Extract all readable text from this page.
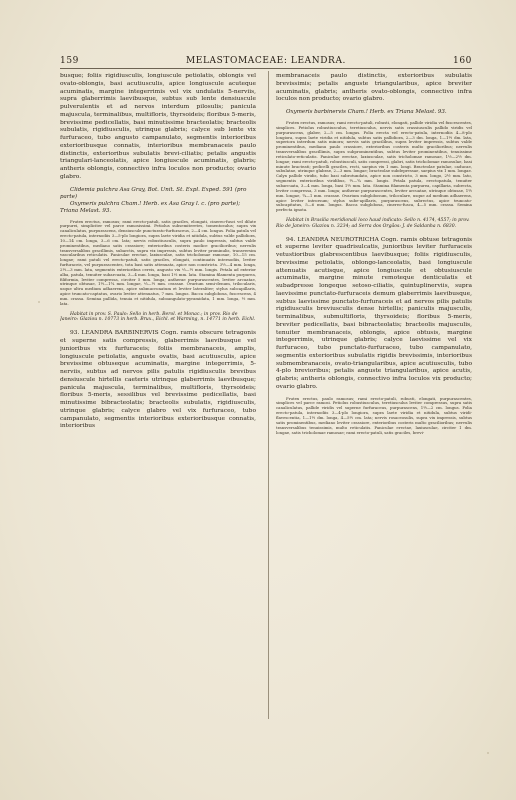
159	MELASTOMACEAE: LEANDRA.	160

busque; foliis rigidiusculis, longiuscule petiolatis, oblongis vel ovato-oblongis, basi acutiusculis, apice longiuscule acuteque acuminatis, margine integerrimis vel vix undulatis 5-nerviis, supra glaberrimis laevibusque, subtus sub lente densiuscule pulverulentis et ad nervos interdum pilosulis; panicula majuscula, terminalibus, multifloris, thyrsoideis; floribus 5-meris, brevissime pedicellatis, basi minutissime bracteolatis; bracteolis subulatis, rigidiusculis, utrinque glabris; calyce sub lente vix furfuraceo, tubo angusto campanulato, segmentis interioribus exterioribusque connatis, interioribus membranaceis paulo distinctis, exterioribus subulatis brevi-ciliatis; petalis angustis triangulari-lanceolatis, apice longiuscule acuminatis, glabris; antheris oblongis, connectivo infra loculos non producto; ovario glabro.

Clidemia pulchra Asa Gray, Bot. Unit. St. Expl. Exped. 591 (pro parte)

Oxymeris pulchra Cham.! Herb. ex Asa Gray l. c. (pro parte); Triana Melast. 93.

Frutex erectus, ramosus; rami erecto-patuli, satis graciles, elongati, cinereo-fusci vel dilute purpurei, simpliciter vel parce ramosissimi. Petiolus subsemiteretes, tomentosulus; supra vix canaliculatus, purpurascens, densiuscule puncturato-furfuraceus, 2—4 cm. longus. Folia patula vel erecto-patula, internodiis 3—5-plo longiora, supra laete viridia et nitidula, subtus valde pallidiora, 10—14 cm. longa, 3—6 cm. lata; nervis robustiusculis, supra paulo impressis, subtus valde prominentibus, mediano satis crassiore; exterioribus costeris modice gracilioribus; nervulis transversalibus gracillimis, subarctis, supra vix impressis, subtus leviter prominulis, transversim vascularibus reticulatis. Paniculae erectae, laxiusculae, satis tricholomae ramosae, 10—15 cm. longae; rami patuli vel erecto-patuli, satis graciles, elongati, continuatis internodiis, leviter furfuraceis, vel purpurascentes, tota basi satis attenuata, apice non constricta. 3½—4 mm. longa, 2½—3 mm. lata, segmentis exterioribus cereis, angusto vix ⅓—½ mm. longis. Petala ad exterior alba, patula, tenuiter subarcuata, 3—4 mm. longa, basi 1⅓ mm. lata. Stamina filamenta purpurea, filiformia, leviter compressa, circiter 5 mm. longa; antherae purpurascentes, leviter arcuatae, utrinque obtusae, 1½—1¾ mm. longae, ⅓—½ mm. crassae. Ovarium semi-denum, trilocularis, usque ultra medium adhaerens, apice submucronatum et leviter lateraliter; stylus subcapillaris, apice truncato-captatus, ovario leviter attenuatus, 7 mm. longus. Bacca subglobosa, fuscescens, 4 mm. crassa. Semina pallida, tenuia et nitidula, suboangulato-pyramidata, 1 mm. longa, ½ mm. lata.

Habitat in prov. S. Paulo: Sello in herb. Berol. et Monac.; in prov. Rio de Janeiro: Glaziou n. 10773 in herb. Brux., Eichl. et Warming, n. 14771 in herb. Eichl.

93. LEANDRA BARBINERVIS Cogn. ramis obscure tetragonis et superne satis compressis, glaberrimis laevibusque vel junioribus vix furfuraceis; foliis membranaceis, amplis, longiuscule petiolatis, anguste ovatis, basi acutiusculis, apice brevissime obtuseque acuminatis, margine integerrimis, 5-nerviis, subtus ad nervos pilis patulis rigidiusculis brevibus densiuscule hirtellis caeteris utrinque glaberrimis laevibusque; panicula majuscula, terminalibus, multifloris, thyrsoideis; floribus 5-meris, sessilibus vel brevissime pedicellatis, basi minutissime bibracteolatis; bracteolis subulatis, rigidiusculis, utrinque glabris; calyce glabro vel vix furfuraceo, tubo campanulato, segmentis interioribus exterioribusque connatis, interioribus

membranaceis paulo distinctis, exterioribus subulatis brevissimis; petalis anguste triangularibus, apice breviter acuminatis, glabris; antheris ovato-oblongis, connectivo infra loculos non producto; ovario glabro.

Oxymeris barbinervis Cham.! Herb. ex Triana Melast. 93.

Frutex erectus, ramosus; rami erecto-patuli, robusti, elongati, pallide viridia vel fuscescentes, simplices. Petiolus robustiusculus, teretiusculus, nervis satis crassiusculis pallido viridis vel purpurascens, glaber, 2—5 cm. longus. Folia erecta vel erecto-patula, internodiis 4—8-plo longiora, supra laete viridia et nitidula, subtus satis pallidiora, 2—3 dm. longa, 1—1½ dm. lata, superiora interdum satis minora; nervis satis gracilibus, supra leviter impressis, subtus valde prominentibus, medianu paulo crassiore, exterioribus costeris multo gracilioribus; nervulis transversalibus gracillimis, supra subprominentibus, subtus leviter prominentibus, tenuissime reticulato-reticulatis. Paniculae erectae, laxiusculae, satis tricholomae ramosae, 1½—2½ dm. longae; rami erecto-patuli, robustiusculi, satis compressi, glabri, satis tricholomae ramosulae, basi minute bracteati; pedicelli graciles, recti, saepius vix 1 mm. longi. Bracteolae patulae, caducae, subulatae, utrinque glabrae, 2—3 mm. longae; bracteolae subdepressae, saepius vix 1 mm. longae. Calyx pallide viridis, tubo basi subrotundato, apice non constricto, 3 mm. longo, 2½ mm. lato, segmentis exterioribus viridibus, ½—¾ mm. longis. Petala patula, erectopatula, tenuiter subarcuata, 3—4 mm. longa, basi 1½ mm. lata. Stamina filamenta purpurea, capillaria, subrecta, leviter compressa, 3 mm. longa; antherae purpurascentes, leviter arcuatae, utrinque obtusae, 1½ mm. longae, ¾—1 mm. crassae. Ovarium subglobosum, triloculare, usque ad medium adhaerens, apice leviter introrsum; stylus sube-apillaris, purpurascens, subrectus, apice truncato-subcapitatus, 5—6 mm. longus. Bacca subglobosa, cinereo-fusca, 4—5 mm. crassa. Semina perfecta ignota.

Habitat in Brasilia meridionali loco haud indicato: Sello n. 4174, 4557; in prov. Rio de Janeiro: Glaziou n. 3234; ad Serra dos Orgãos: J. de Saldanha n. 6830.

94. LEANDRA NEUROTRICHA Cogn. ramis obtuse tetragonis et superne leviter quadrisulcatis, junioribus leviter furfuraceis vetustioribus glabrescentibus laevibusque; foliis rigidiusculis, brevissime petiolatis, oblongo-lanceolatis, basi longiuscule attenuatis acutisque, apice longiuscule et obtusiuscule acuminatis, margine minute remoteque denticulatis et subadpresse longeque setoso-ciliatis, quintuplinerviis, supra laevissime punctato-furfuraceis demum glaberrimis laevibusque, subtus laevissime punctato-furfuraceis et ad nervos pilis patulis rigidiusculis breviusculis dense hirtellis; paniculis majusculis, terminalibus, submultifloris, thyrsoideis; floribus 5-meris, breviter pedicellatis, basi bibracteolatis; bracteolis majusculis, tenuiter membranaceis, oblongis, apice obtusis, margine integerrimis, utrinque glabris; calyce laevissime vel vix furfuraceo, tubo punctato-furfuraceo, tubo campanulato, segmentis exterioribus subulatis rigidis brevissimis, interioribus submembranaceis, ovato-triangularibus, apice acutiusculis, tubo 4-plo brevioribus; petalis anguste triangularibus, apice acutis, glabris; antheris oblongis, connectivo infra loculos vix producto; ovario glabro.

Frutex erectus, paulo ramosus; rami erecto-patuli, robusti, elongati, purpurascentes, simplices vel parce ramosi. Petiolus robustiusculus, teretiusculus leviter compressus, supra satis canaliculatus, pallide viridis vel superne furfuraceus, purpurascens, 1½—2 cm. longus. Folia erecto-patula, internodiis 3—4-plo longiora, supra laete viridia et nitidula, subtus viridi-flavescentia, 1—1½ dm. longa, 4—5½ cm. lata; nervis rosaceosulis, supra vix impressis, subtus satis prominentibus, mediano leviter crassiore, exterioribus costeris multo gracilioribus; nervulis transversalibus tenuissimis, multo reticulatis. Paniculae erectae, laxiusculae, circiter 1 dm. longae, satis tricholomae ramosae; rami erecto-patuli, satis graciles, brevi-
